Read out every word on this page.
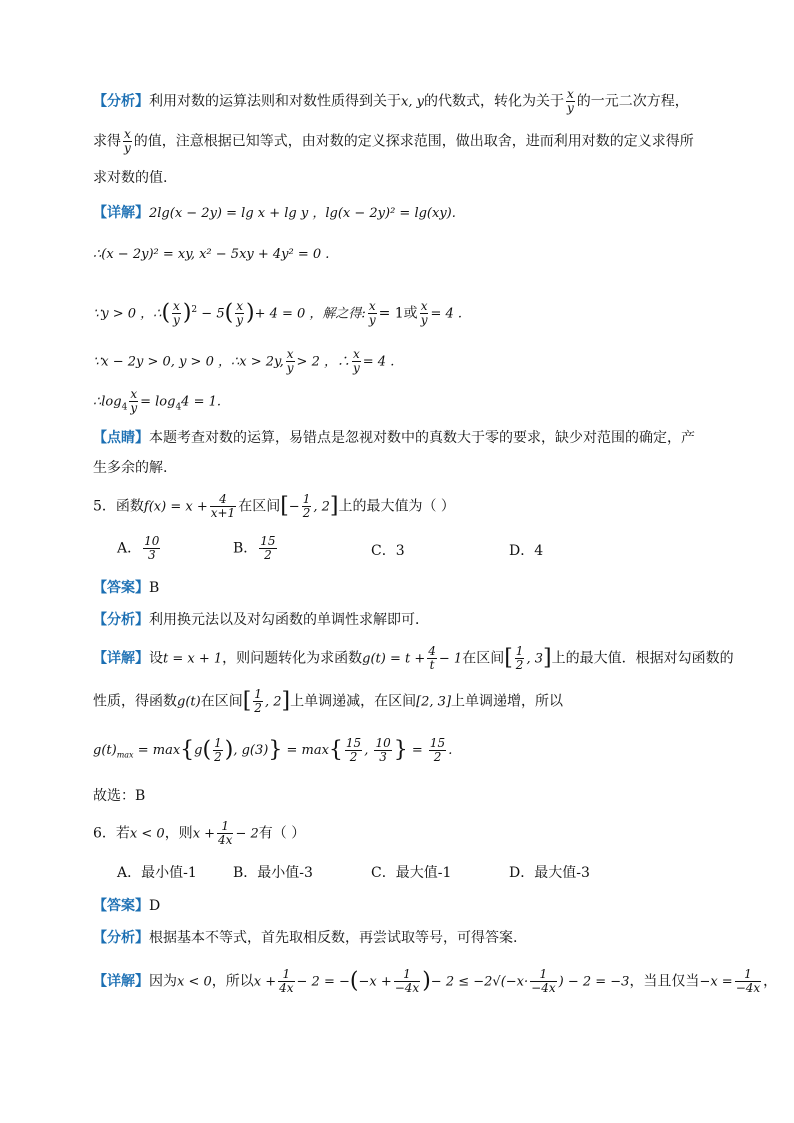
【分析】利用对数的运算法则和对数性质得到关于x, y的代数式，转化为关于 $\frac{x}{y}$ 的一元二次方程，
求得 $\frac{x}{y}$ 的值，注意根据已知等式，由对数的定义探求范围，做出取舍，进而利用对数的定义求得所
求对数的值.
【详解】2lg(x − 2y) = lg x + lg y ，lg(x − 2y)² = lg(xy).
∴(x − 2y)² = xy, x² − 5xy + 4y² = 0 .
∵y > 0 ，∴( $\frac{x}{y} )^2 - 5( \frac{x}{y}$ )+ 4 = 0 ，解之得: $\frac{x}{y} = 1$或 $\frac{x}{y} = 4$ .
∵x − 2y > 0, y > 0 ，∴x > 2y, $\frac{x}{y} > 2$ ，∴ $\frac{x}{y} = 4$ .
$\therefore\log_4 \frac{x}{y} = \log_44 = 1$.
【点睛】本题考查对数的运算，易错点是忽视对数中的真数大于零的要求，缺少对范围的确定，产
生多余的解.
5．函数$f(x) = x + \frac{4}{x+1}$ 在区间[− $\frac{1}{2}$ , 2]上的最大值为（ ）
A． $\frac{10}{3}$	B． $\frac{15}{2}$	C．3	D．4
【答案】B
【分析】利用换元法以及对勾函数的单调性求解即可．
【详解】设t = x + 1，则问题转化为求函数$g(t) = t + \frac{4}{t} - 1$在区间[ $\frac{1}{2}$ , 3]上的最大值．根据对勾函数的
性质，得函数g(t)在区间[ $\frac{1}{2}$ , 2]上单调递减，在区间[2, 3]上单调递增，所以
$g(t)_{max} = \max\{g( \frac{1}{2}$ ), $g(3)\} = \max\{ \frac{15}{2}$ , $\frac{10}{3}$ } = $\frac{15}{2}$ .
故选：B
6．若x < 0，则$x + \frac{1}{4x} - 2$有（ ）
A．最小值-1	B．最小值-3	C．最大值-1	D．最大值-3
【答案】D
【分析】根据基本不等式，首先取相反数，再尝试取等号，可得答案.
【详解】因为x < 0，所以$x + \frac{1}{4x} - 2 = -(-x + \frac{1}{-4x}$ )− $2 \le -2√(-x\cdot \frac{1}{-4x}$ ) − 2 = −3，当且仅当$-x = \frac{1}{-4x}$ ，
